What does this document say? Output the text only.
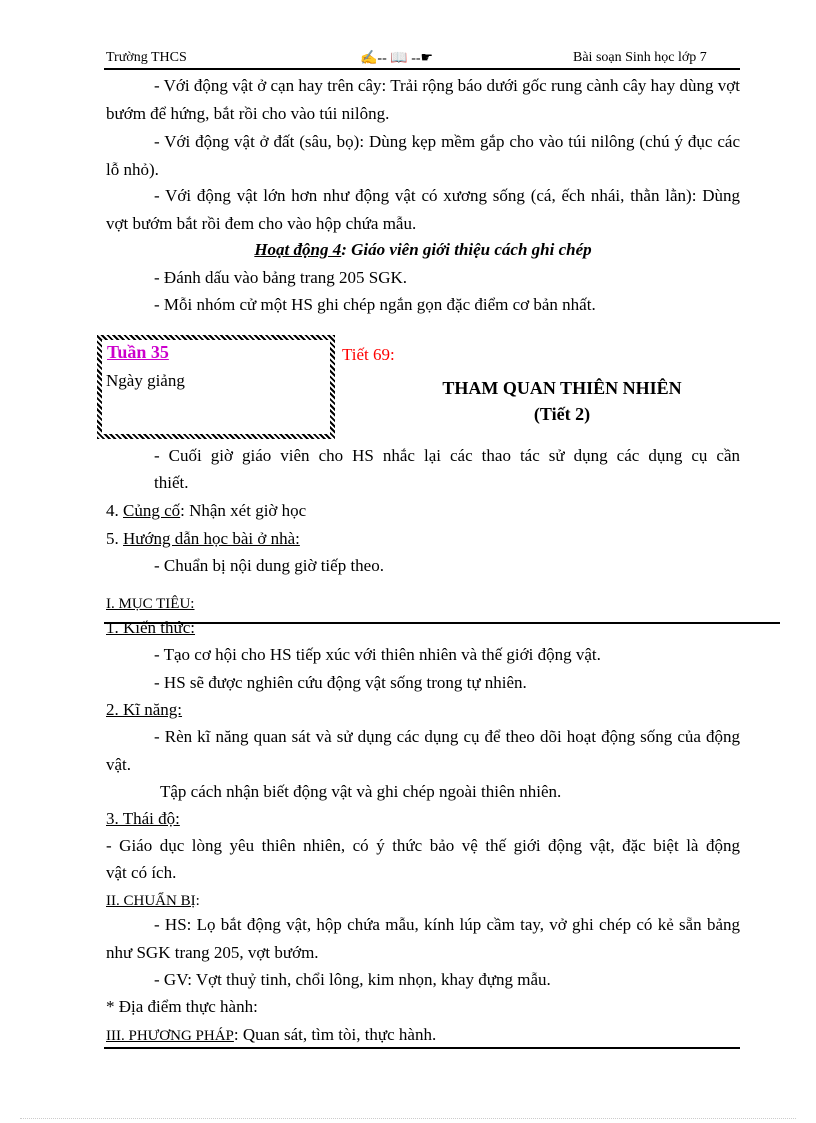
Trường THCS	✍-- 📖 --☛	Bài soạn Sinh học lớp 7
- Với động vật ở cạn hay trên cây: Trải rộng báo dưới gốc rung cành cây hay dùng vợt bướm để hứng, bắt rồi cho vào túi nilông.
- Với động vật ở đất (sâu, bọ): Dùng kẹp mềm gắp cho vào túi nilông (chú ý đục các lỗ nhỏ).
- Với động vật lớn hơn như động vật có xương sống (cá, ếch nhái, thằn lằn): Dùng vợt bướm bắt rồi đem cho vào hộp chứa mẫu.
Hoạt động 4: Giáo viên giới thiệu cách ghi chép
- Đánh dấu vào bảng trang 205 SGK.
- Mỗi nhóm cử một HS ghi chép ngắn gọn đặc điểm cơ bản nhất.
Tuần 35
Ngày giảng
Tiết 69:
THAM QUAN THIÊN NHIÊN
(Tiết 2)
- Cuối giờ giáo viên cho HS nhắc lại các thao tác sử dụng các dụng cụ cần
thiết.
4. Củng cố: Nhận xét giờ học
5. Hướng dẫn học bài ở nhà:
- Chuẩn bị nội dung giờ tiếp theo.
I. MỤC TIÊU:
1. Kiến thức:
- Tạo cơ hội cho HS tiếp xúc với thiên nhiên và thế giới động vật.
- HS sẽ được nghiên cứu động vật sống trong tự nhiên.
2. Kĩ năng:
- Rèn kĩ năng quan sát và sử dụng các dụng cụ để theo dõi hoạt động sống của động vật.
Tập cách nhận biết động vật và ghi chép ngoài thiên nhiên.
3. Thái độ:
- Giáo dục lòng yêu thiên nhiên, có ý thức bảo vệ thế giới động vật, đặc biệt là động
vật có ích.
II. CHUẨN BỊ:
- HS: Lọ bắt động vật, hộp chứa mẫu, kính lúp cầm tay, vở ghi chép có kẻ sẵn bảng như SGK trang 205, vợt bướm.
- GV: Vợt thuỷ tinh, chổi lông, kim nhọn, khay đựng mẫu.
* Địa điểm thực hành:
III. PHƯƠNG PHÁP: Quan sát, tìm tòi, thực hành.
